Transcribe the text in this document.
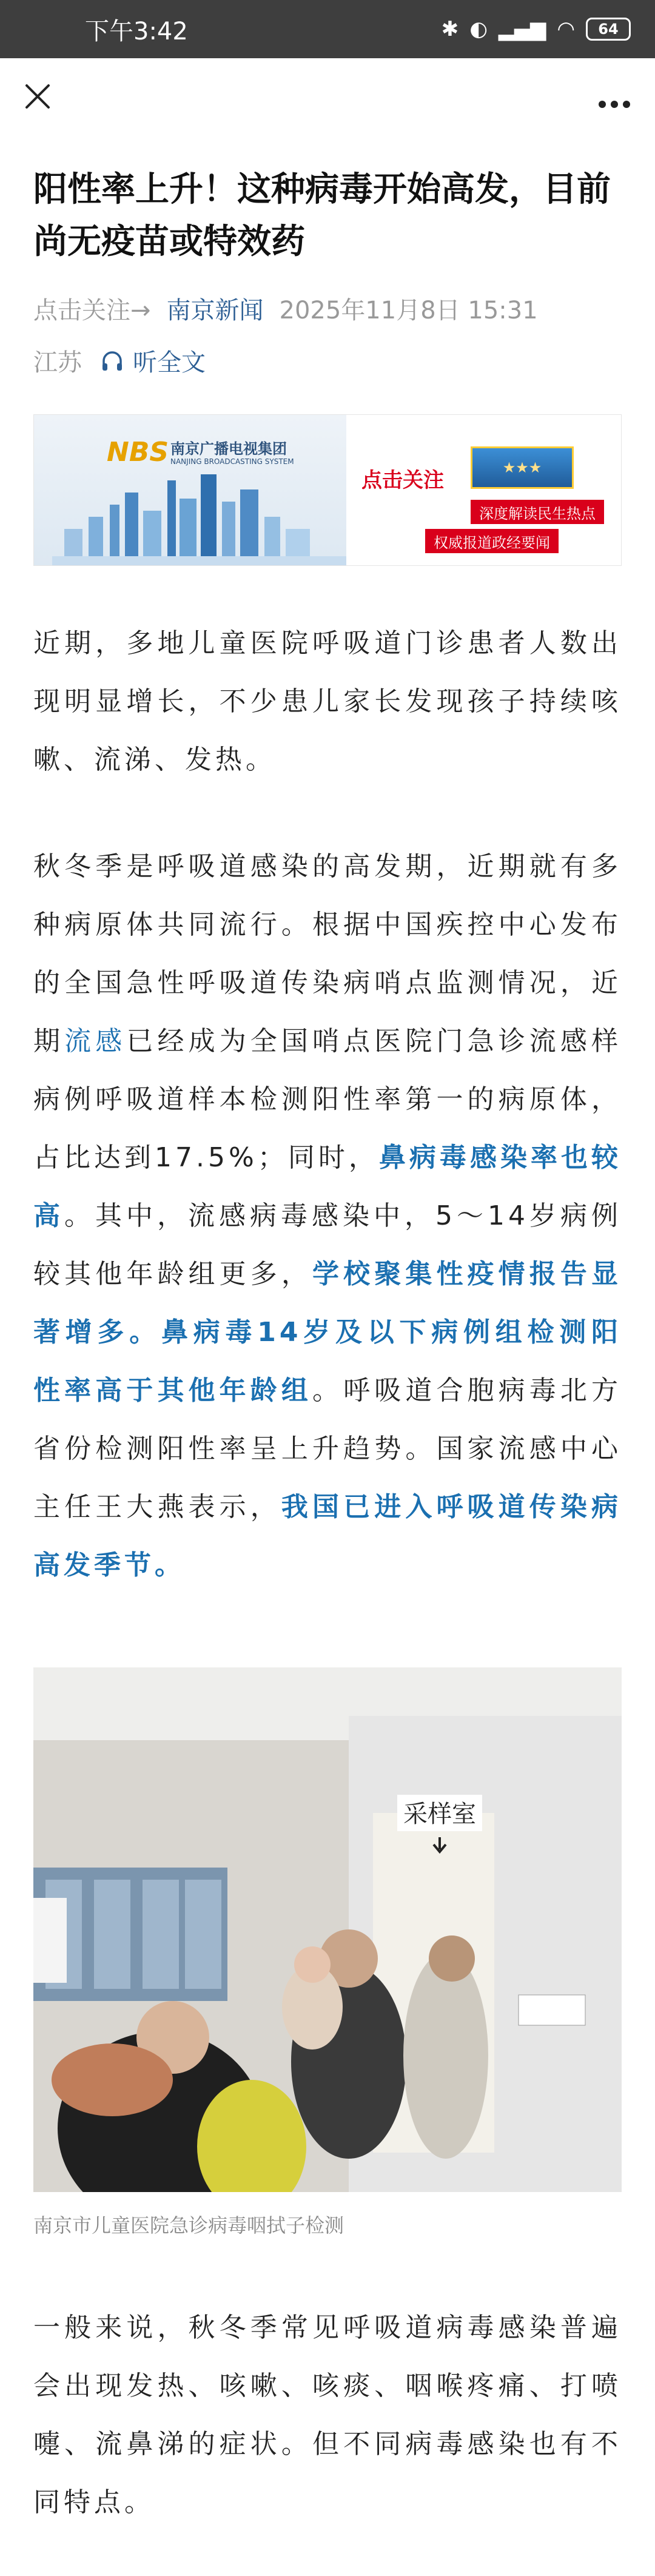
下午3:42	✱ ◐ ▂▄▆ ◠	64
阳性率上升！这种病毒开始高发，目前尚无疫苗或特效药
点击关注→ 南京新闻 2025年11月8日 15:31
江苏 听全文
NBS 南京广播电视集团
NANJING BROADCASTING SYSTEM
点击关注
★★★
深度解读民生热点
权威报道政经要闻

近期，多地儿童医院呼吸道门诊患者人数出现明显增长，不少患儿家长发现孩子持续咳嗽、流涕、发热。

秋冬季是呼吸道感染的高发期，近期就有多种病原体共同流行。根据中国疾控中心发布的全国急性呼吸道传染病哨点监测情况，近期流感已经成为全国哨点医院门急诊流感样病例呼吸道样本检测阳性率第一的病原体，占比达到17.5%；同时，鼻病毒感染率也较高。其中，流感病毒感染中，5～14岁病例较其他年龄组更多，学校聚集性疫情报告显著增多。鼻病毒14岁及以下病例组检测阳性率高于其他年龄组。呼吸道合胞病毒北方省份检测阳性率呈上升趋势。国家流感中心主任王大燕表示，我国已进入呼吸道传染病高发季节。

采样室
南京市儿童医院急诊病毒咽拭子检测

一般来说，秋冬季常见呼吸道病毒感染普遍会出现发热、咳嗽、咳痰、咽喉疼痛、打喷嚏、流鼻涕的症状。但不同病毒感染也有不同特点。
